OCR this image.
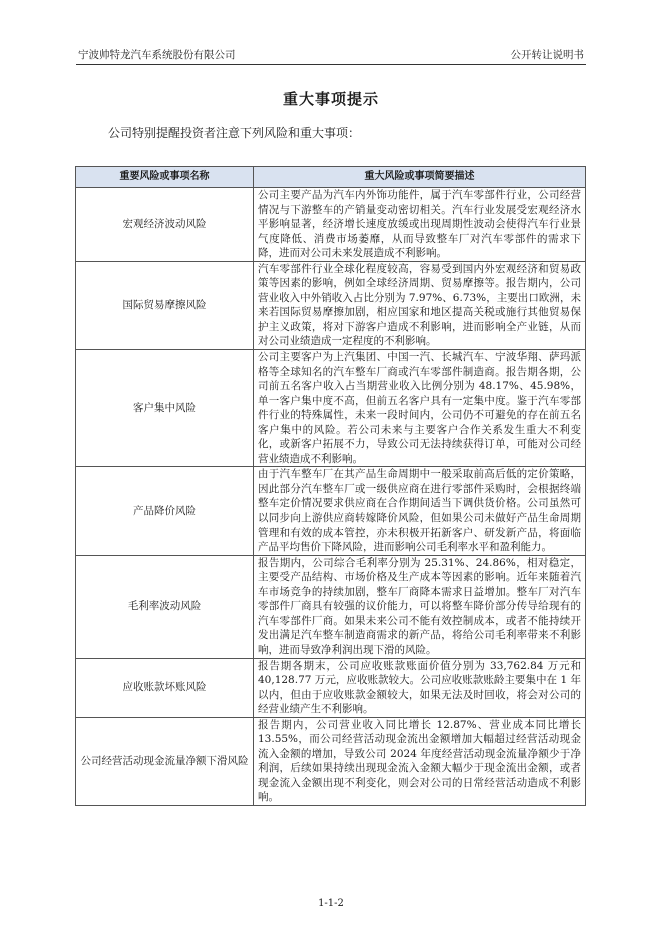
宁波帅特龙汽车系统股份有限公司	公开转让说明书
重大事项提示
公司特别提醒投资者注意下列风险和重大事项：
重要风险或事项名称	重大风险或事项简要描述
宏观经济波动风险	公司主要产品为汽车内外饰功能件，属于汽车零部件行业，公司经营情况与下游整车的产销量变动密切相关。汽车行业发展受宏观经济水平影响显著，经济增长速度放缓或出现周期性波动会使得汽车行业景气度降低、消费市场萎靡，从而导致整车厂对汽车零部件的需求下降，进而对公司未来发展造成不利影响。
国际贸易摩擦风险	汽车零部件行业全球化程度较高，容易受到国内外宏观经济和贸易政策等因素的影响，例如全球经济周期、贸易摩擦等。报告期内，公司营业收入中外销收入占比分别为 7.97%、6.73%，主要出口欧洲，未来若国际贸易摩擦加剧，相应国家和地区提高关税或施行其他贸易保护主义政策，将对下游客户造成不利影响，进而影响全产业链，从而对公司业绩造成一定程度的不利影响。
客户集中风险	公司主要客户为上汽集团、中国一汽、长城汽车、宁波华翔、萨玛派格等全球知名的汽车整车厂商或汽车零部件制造商。报告期各期，公司前五名客户收入占当期营业收入比例分别为 48.17%、45.98%，单一客户集中度不高，但前五名客户具有一定集中度。鉴于汽车零部件行业的特殊属性，未来一段时间内，公司仍不可避免的存在前五名客户集中的风险。若公司未来与主要客户合作关系发生重大不利变化，或新客户拓展不力，导致公司无法持续获得订单，可能对公司经营业绩造成不利影响。
产品降价风险	由于汽车整车厂在其产品生命周期中一般采取前高后低的定价策略，因此部分汽车整车厂或一级供应商在进行零部件采购时，会根据终端整车定价情况要求供应商在合作期间适当下调供货价格。公司虽然可以同步向上游供应商转嫁降价风险，但如果公司未做好产品生命周期管理和有效的成本管控，亦未积极开拓新客户、研发新产品，将面临产品平均售价下降风险，进而影响公司毛利率水平和盈利能力。
毛利率波动风险	报告期内，公司综合毛利率分别为 25.31%、24.86%，相对稳定，主要受产品结构、市场价格及生产成本等因素的影响。近年来随着汽车市场竞争的持续加剧，整车厂商降本需求日益增加。整车厂对汽车零部件厂商具有较强的议价能力，可以将整车降价部分传导给现有的汽车零部件厂商。如果未来公司不能有效控制成本，或者不能持续开发出满足汽车整车制造商需求的新产品，将给公司毛利率带来不利影响，进而导致净利润出现下滑的风险。
应收账款坏账风险	报告期各期末，公司应收账款账面价值分别为 33,762.84 万元和 40,128.77 万元，应收账款较大。公司应收账款账龄主要集中在 1 年以内，但由于应收账款金额较大，如果无法及时回收，将会对公司的经营业绩产生不利影响。
公司经营活动现金流量净额下滑风险	报告期内，公司营业收入同比增长 12.87%、营业成本同比增长 13.55%，而公司经营活动现金流出金额增加大幅超过经营活动现金流入金额的增加，导致公司 2024 年度经营活动现金流量净额少于净利润，后续如果持续出现现金流入金额大幅少于现金流出金额，或者现金流入金额出现不利变化，则会对公司的日常经营活动造成不利影响。
1-1-2
